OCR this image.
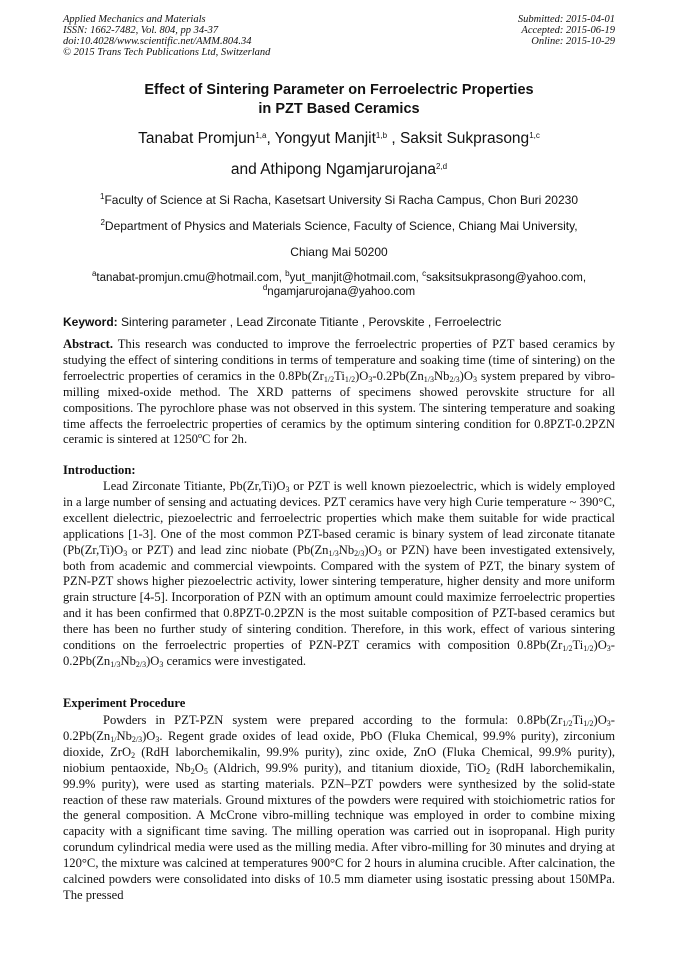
Applied Mechanics and Materials
ISSN: 1662-7482, Vol. 804, pp 34-37
doi:10.4028/www.scientific.net/AMM.804.34
© 2015 Trans Tech Publications Ltd, Switzerland
Submitted: 2015-04-01
Accepted: 2015-06-19
Online: 2015-10-29
Effect of Sintering Parameter on Ferroelectric Properties
in PZT Based Ceramics
Tanabat Promjun$^{1,a}$, Yongyut Manjit$^{1,b}$ , Saksit Sukprasong$^{1,c}$
and Athipong Ngamjarurojana$^{2,d}$
$^1$Faculty of Science at Si Racha, Kasetsart University Si Racha Campus, Chon Buri 20230
$^2$Department of Physics and Materials Science, Faculty of Science, Chiang Mai University,
Chiang Mai 50200
$^a$tanabat-promjun.cmu@hotmail.com, $^b$yut_manjit@hotmail.com, $^c$saksitsukprasong@yahoo.com,
$^d$ngamjarurojana@yahoo.com
Keyword: Sintering parameter , Lead Zirconate Titiante , Perovskite , Ferroelectric

Abstract. This research was conducted to improve the ferroelectric properties of PZT based ceramics by studying the effect of sintering conditions in terms of temperature and soaking time (time of sintering) on the ferroelectric properties of ceramics in the $0.8Pb(Zr_{1/2}Ti_{1/2})O_3-0.2Pb(Zn_{1/3}Nb_{2/3})O_3$ system prepared by vibro-milling mixed-oxide method. The XRD patterns of specimens showed perovskite structure for all compositions. The pyrochlore phase was not observed in this system. The sintering temperature and soaking time affects the ferroelectric properties of ceramics by the optimum sintering condition for 0.8PZT-0.2PZN ceramic is sintered at 1250$^o$C for 2h.

Introduction:

Lead Zirconate Titiante, $Pb(Zr,Ti)O_3$ or PZT is well known piezoelectric, which is widely employed in a large number of sensing and actuating devices. PZT ceramics have very high Curie temperature ~ 390°C, excellent dielectric, piezoelectric and ferroelectric properties which make them suitable for wide practical applications [1-3]. One of the most common PZT-based ceramic is binary system of lead zirconate titanate ($Pb(Zr,Ti)O_3$ or PZT) and lead zinc niobate ($Pb(Zn_{1/3}Nb_{2/3})O_3$ or PZN) have been investigated extensively, both from academic and commercial viewpoints. Compared with the system of PZT, the binary system of PZN-PZT shows higher piezoelectric activity, lower sintering temperature, higher density and more uniform grain structure [4-5]. Incorporation of PZN with an optimum amount could maximize ferroelectric properties and it has been confirmed that 0.8PZT-0.2PZN is the most suitable composition of PZT-based ceramics but there has been no further study of sintering condition. Therefore, in this work, effect of various sintering conditions on the ferroelectric properties of PZN-PZT ceramics with composition $0.8Pb(Zr_{1/2}Ti_{1/2})O_3-0.2Pb(Zn_{1/3}Nb_{2/3})O_3$ ceramics were investigated.

Experiment Procedure

Powders in PZT-PZN system were prepared according to the formula: $0.8Pb(Zr_{1/2}Ti_{1/2})O_3-0.2Pb(Zn_{1/}Nb_{2/3})O_3$. Regent grade oxides of lead oxide, PbO (Fluka Chemical, 99.9% purity), zirconium dioxide, ZrO$_2$ (RdH laborchemikalin, 99.9% purity), zinc oxide, ZnO (Fluka Chemical, 99.9% purity), niobium pentaoxide, $Nb_2O_5$ (Aldrich, 99.9% purity), and titanium dioxide, TiO$_2$ (RdH laborchemikalin, 99.9% purity), were used as starting materials. PZN–PZT powders were synthesized by the solid-state reaction of these raw materials. Ground mixtures of the powders were required with stoichiometric ratios for the general composition. A McCrone vibro-milling technique was employed in order to combine mixing capacity with a significant time saving. The milling operation was carried out in isopropanal. High purity corundum cylindrical media were used as the milling media. After vibro-milling for 30 minutes and drying at 120°C, the mixture was calcined at temperatures 900°C for 2 hours in alumina crucible. After calcination, the calcined powders were consolidated into disks of 10.5 mm diameter using isostatic pressing about 150MPa. The pressed
